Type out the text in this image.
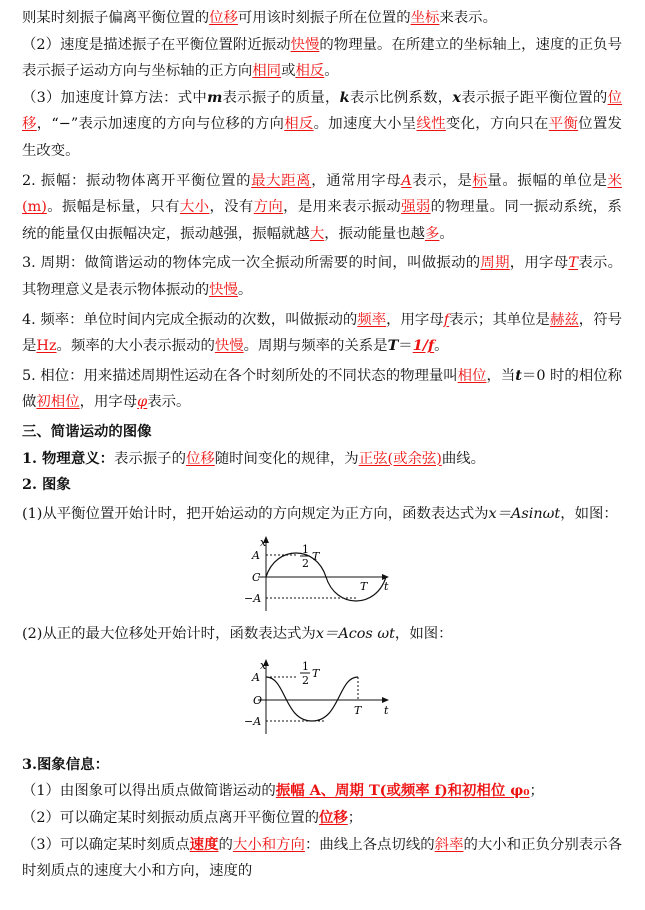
则某时刻振子偏离平衡位置的位移可用该时刻振子所在位置的坐标来表示。

（2）速度是描述振子在平衡位置附近振动快慢的物理量。在所建立的坐标轴上，速度的正负号表示振子运动方向与坐标轴的正方向相同或相反。

（3）加速度计算方法：式中m表示振子的质量，k表示比例系数，x表示振子距平衡位置的位移，“−”表示加速度的方向与位移的方向相反。加速度大小呈线性变化，方向只在平衡位置发生改变。

2. 振幅：振动物体离开平衡位置的最大距离，通常用字母A表示，是标量。振幅的单位是米(m)。振幅是标量，只有大小，没有方向，是用来表示振动强弱的物理量。同一振动系统，系统的能量仅由振幅决定，振动越强，振幅就越大，振动能量也越多。

3. 周期：做简谐运动的物体完成一次全振动所需要的时间，叫做振动的周期，用字母T表示。其物理意义是表示物体振动的快慢。

4. 频率：单位时间内完成全振动的次数，叫做振动的频率，用字母f表示；其单位是赫兹，符号是Hz。频率的大小表示振动的快慢。周期与频率的关系是T＝1/f。

5. 相位：用来描述周期性运动在各个时刻所处的不同状态的物理量叫相位，当t＝0 时的相位称做初相位，用字母φ表示。

三、简谐运动的图像

1. 物理意义：表示振子的位移随时间变化的规律，为正弦(或余弦)曲线。

2. 图象

(1)从平衡位置开始计时，把开始运动的方向规定为正方向，函数表达式为x＝Asinωt，如图：

x
A
C
−A
1
2
T
T t

(2)从正的最大位移处开始计时，函数表达式为x＝Acos ωt，如图：

x
A
O
−A
1
2
T
T t

3.图象信息：

（1）由图象可以得出质点做简谐运动的振幅 A、周期 T(或频率 f)和初相位 φ₀；

（2）可以确定某时刻振动质点离开平衡位置的位移；

（3）可以确定某时刻质点速度的大小和方向：曲线上各点切线的斜率的大小和正负分别表示各时刻质点的速度大小和方向，速度的
